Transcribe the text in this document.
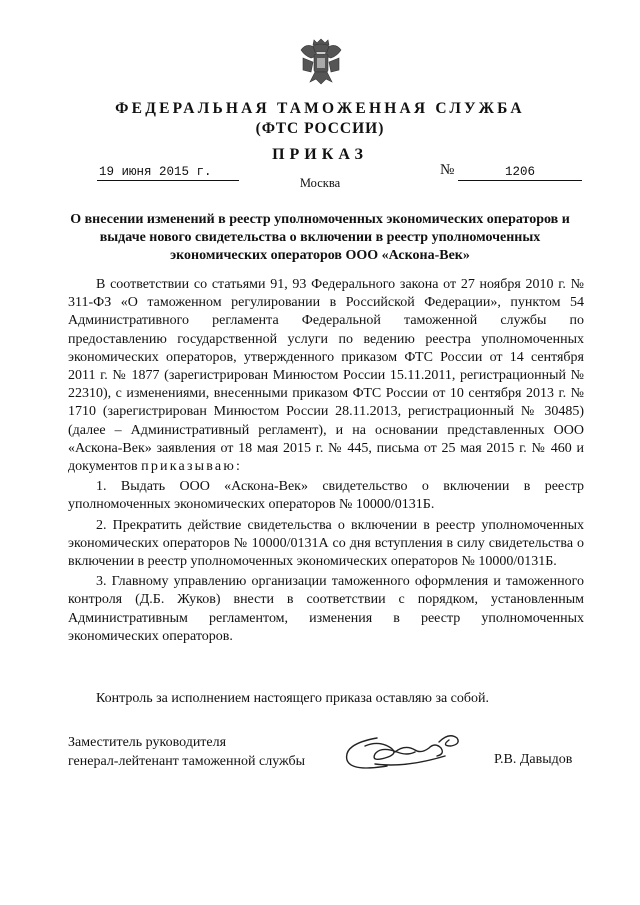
ФЕДЕРАЛЬНАЯ ТАМОЖЕННАЯ СЛУЖБА
(ФТС РОССИИ)
ПРИКАЗ
19 июня 2015 г.	№	1206
Москва
О внесении изменений в реестр уполномоченных экономических операторов и выдаче нового свидетельства о включении в реестр уполномоченных экономических операторов ООО «Аскона-Век»

В соответствии со статьями 91, 93 Федерального закона от 27 ноября 2010 г. № 311-ФЗ «О таможенном регулировании в Российской Федерации», пунктом 54 Административного регламента Федеральной таможенной службы по предоставлению государственной услуги по ведению реестра уполномоченных экономических операторов, утвержденного приказом ФТС России от 14 сентября 2011 г. № 1877 (зарегистрирован Минюстом России 15.11.2011, регистрационный № 22310), с изменениями, внесенными приказом ФТС России от 10 сентября 2013 г. № 1710 (зарегистрирован Минюстом России 28.11.2013, регистрационный № 30485) (далее – Административный регламент), и на основании представленных ООО «Аскона-Век» заявления от 18 мая 2015 г. № 445, письма от 25 мая 2015 г. № 460 и документов приказываю:

1. Выдать ООО «Аскона-Век» свидетельство о включении в реестр уполномоченных экономических операторов № 10000/0131Б.

2. Прекратить действие свидетельства о включении в реестр уполномоченных экономических операторов № 10000/0131А со дня вступления в силу свидетельства о включении в реестр уполномоченных экономических операторов № 10000/0131Б.

3. Главному управлению организации таможенного оформления и таможенного контроля (Д.Б. Жуков) внести в соответствии с порядком, установленным Административным регламентом, изменения в реестр уполномоченных экономических операторов.

Контроль за исполнением настоящего приказа оставляю за собой.
Заместитель руководителя
генерал-лейтенант таможенной службы	Р.В. Давыдов
